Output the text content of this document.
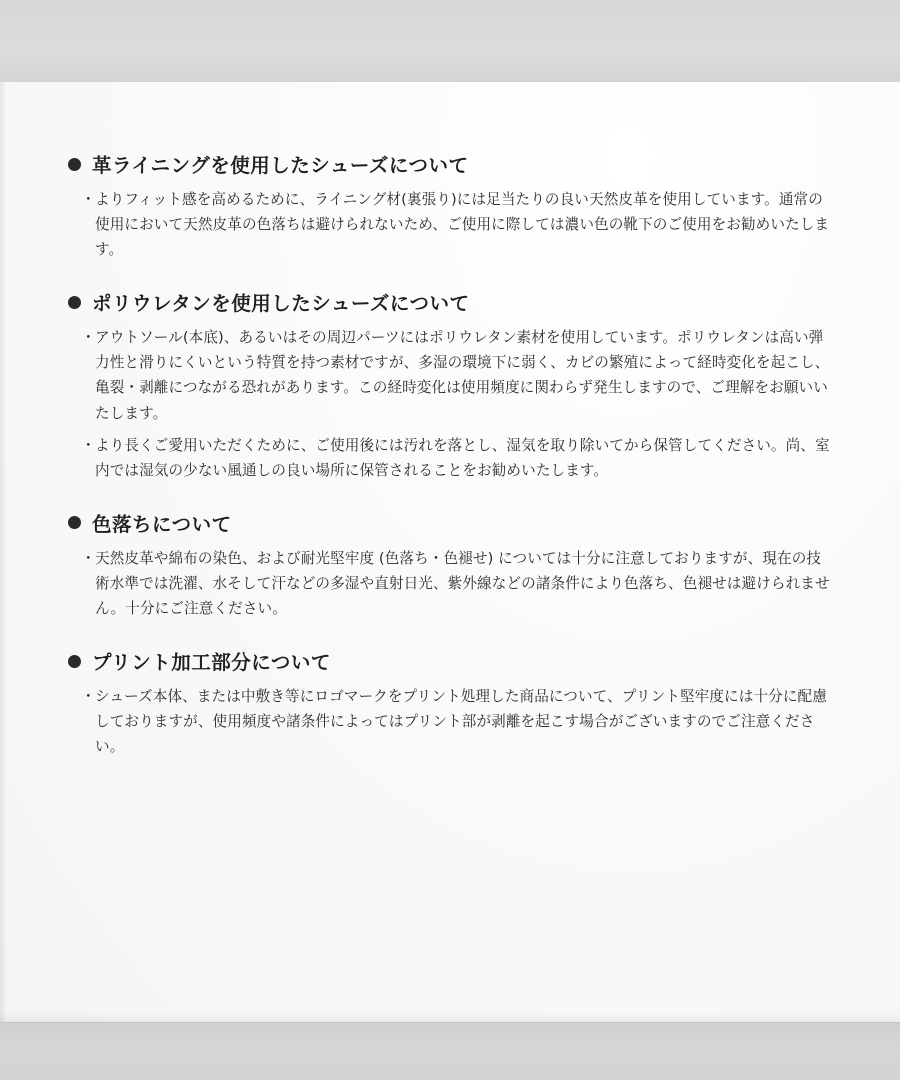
革ライニングを使用したシューズについて
・ よりフィット感を高めるために、ライニング材(裏張り)には足当たりの良い天然皮革を使用しています。通常の使用において天然皮革の色落ちは避けられないため、ご使用に際しては濃い色の靴下のご使用をお勧めいたします。
ポリウレタンを使用したシューズについて
・ アウトソール(本底)、あるいはその周辺パーツにはポリウレタン素材を使用しています。ポリウレタンは高い弾力性と滑りにくいという特質を持つ素材ですが、多湿の環境下に弱く、カビの繁殖によって経時変化を起こし、亀裂・剥離につながる恐れがあります。この経時変化は使用頻度に関わらず発生しますので、ご理解をお願いいたします。
・ より長くご愛用いただくために、ご使用後には汚れを落とし、湿気を取り除いてから保管してください。尚、室内では湿気の少ない風通しの良い場所に保管されることをお勧めいたします。
色落ちについて
・ 天然皮革や綿布の染色、および耐光堅牢度 (色落ち・色褪せ) については十分に注意しておりますが、現在の技術水準では洗濯、水そして汗などの多湿や直射日光、紫外線などの諸条件により色落ち、色褪せは避けられません。十分にご注意ください。
プリント加工部分について
・ シューズ本体、または中敷き等にロゴマークをプリント処理した商品について、プリント堅牢度には十分に配慮しておりますが、使用頻度や諸条件によってはプリント部が剥離を起こす場合がございますのでご注意ください。
